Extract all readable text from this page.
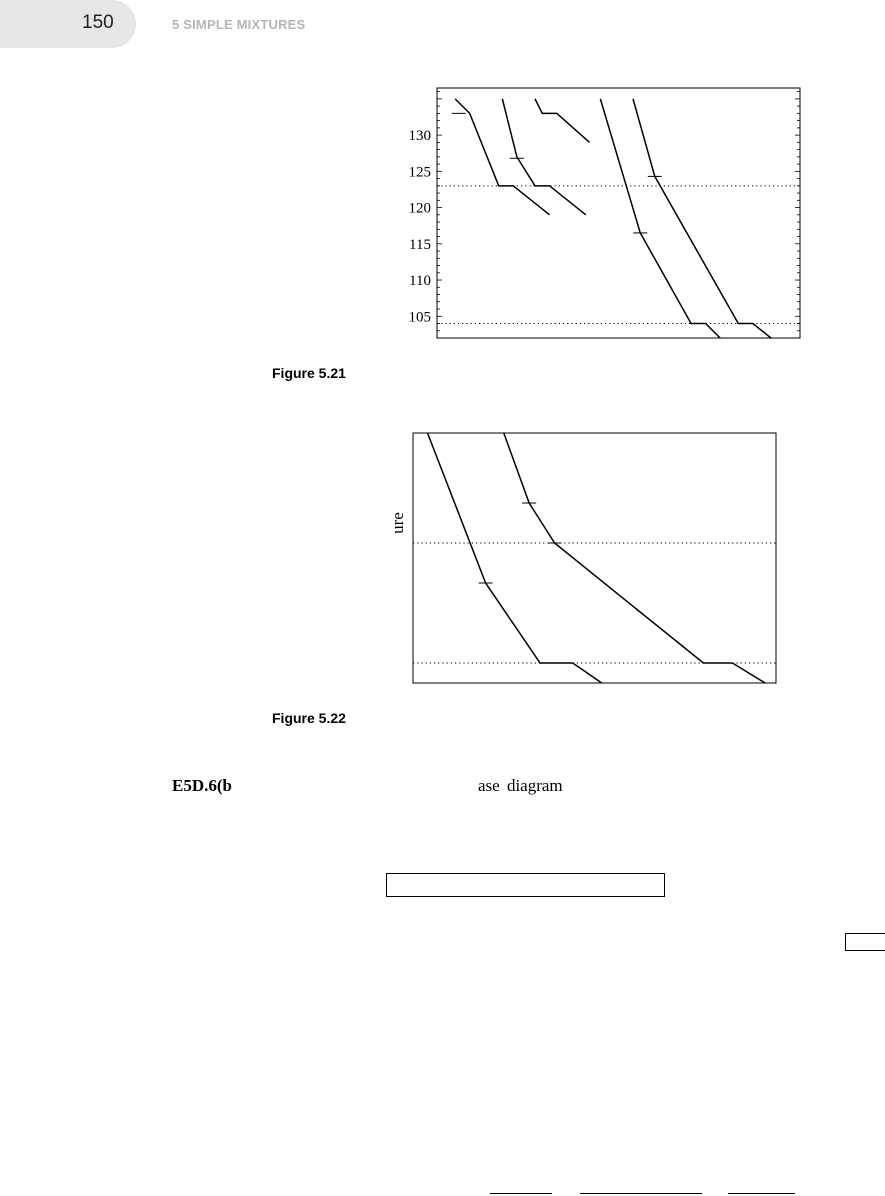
150	5 SIMPLE MIXTURES
130
125
120
115
110
105
Figure 5.21
ure
Figure 5.22
E5D.6(b	ase diagram
